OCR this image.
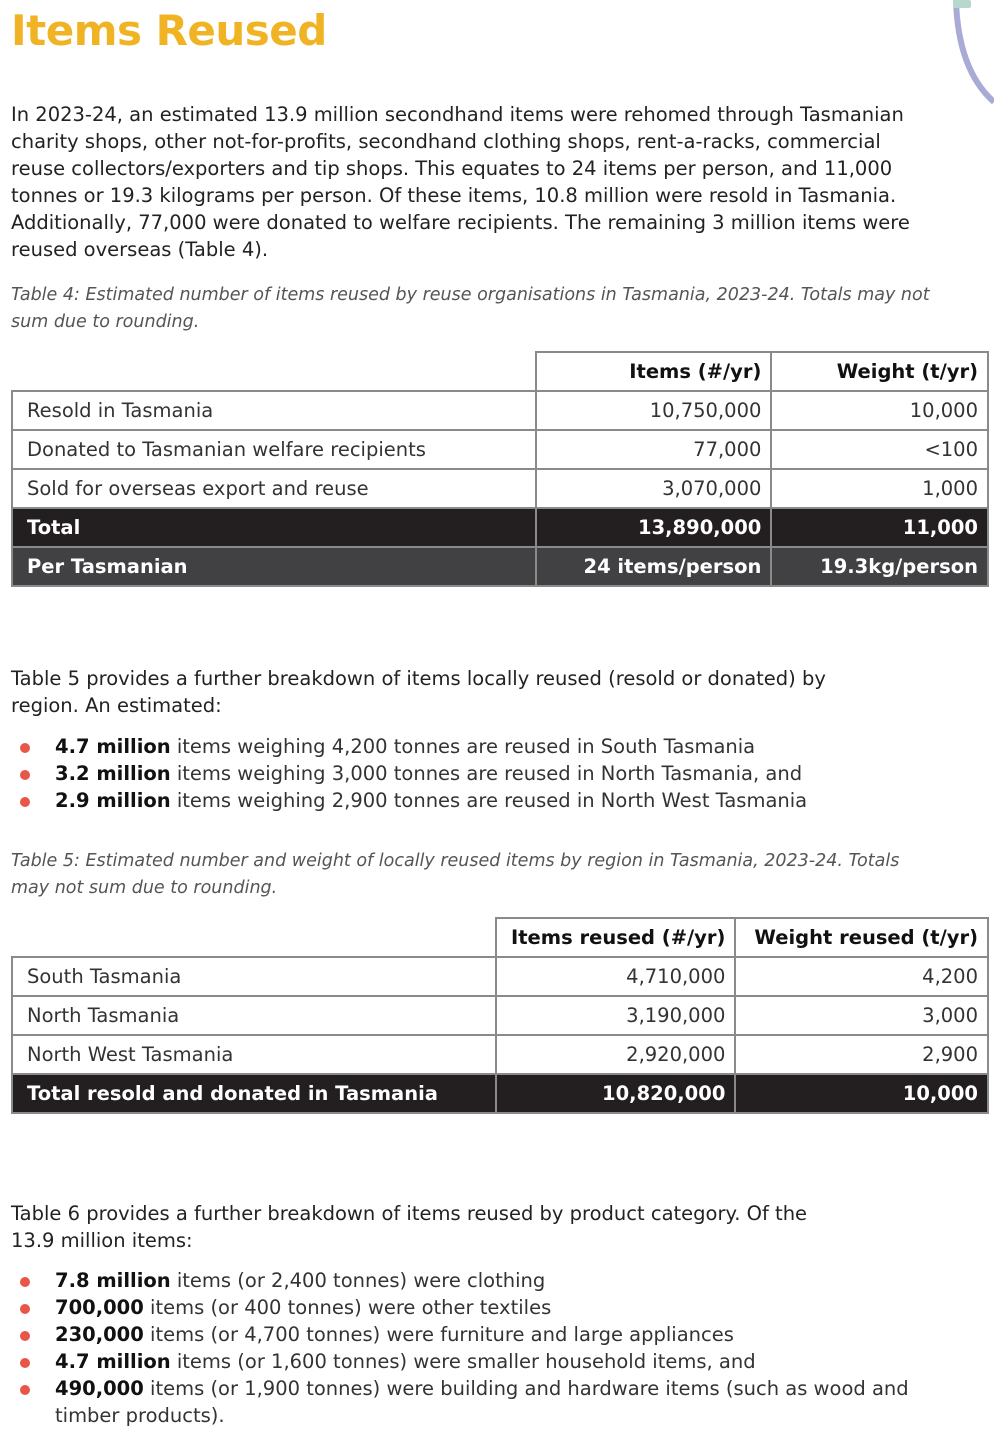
Items Reused

In 2023-24, an estimated 13.9 million secondhand items were rehomed through Tasmanian charity shops, other not-for-profits, secondhand clothing shops, rent-a-racks, commercial reuse collectors/exporters and tip shops. This equates to 24 items per person, and 11,000 tonnes or 19.3 kilograms per person. Of these items, 10.8 million were resold in Tasmania. Additionally, 77,000 were donated to welfare recipients. The remaining 3 million items were reused overseas (Table 4).

Table 4: Estimated number of items reused by reuse organisations in Tasmania, 2023-24. Totals may not sum due to rounding.

	Items (#/yr)	Weight (t/yr)
Resold in Tasmania	10,750,000	10,000
Donated to Tasmanian welfare recipients	77,000	<100
Sold for overseas export and reuse	3,070,000	1,000
Total	13,890,000	11,000
Per Tasmanian	24 items/person	19.3kg/person

Table 5 provides a further breakdown of items locally reused (resold or donated) by region. An estimated:

4.7 million items weighing 4,200 tonnes are reused in South Tasmania
3.2 million items weighing 3,000 tonnes are reused in North Tasmania, and
2.9 million items weighing 2,900 tonnes are reused in North West Tasmania

Table 5: Estimated number and weight of locally reused items by region in Tasmania, 2023-24. Totals may not sum due to rounding.

	Items reused (#/yr)	Weight reused (t/yr)
South Tasmania	4,710,000	4,200
North Tasmania	3,190,000	3,000
North West Tasmania	2,920,000	2,900
Total resold and donated in Tasmania	10,820,000	10,000

Table 6 provides a further breakdown of items reused by product category. Of the 13.9 million items:

7.8 million items (or 2,400 tonnes) were clothing
700,000 items (or 400 tonnes) were other textiles
230,000 items (or 4,700 tonnes) were furniture and large appliances
4.7 million items (or 1,600 tonnes) were smaller household items, and
490,000 items (or 1,900 tonnes) were building and hardware items (such as wood and timber products).
